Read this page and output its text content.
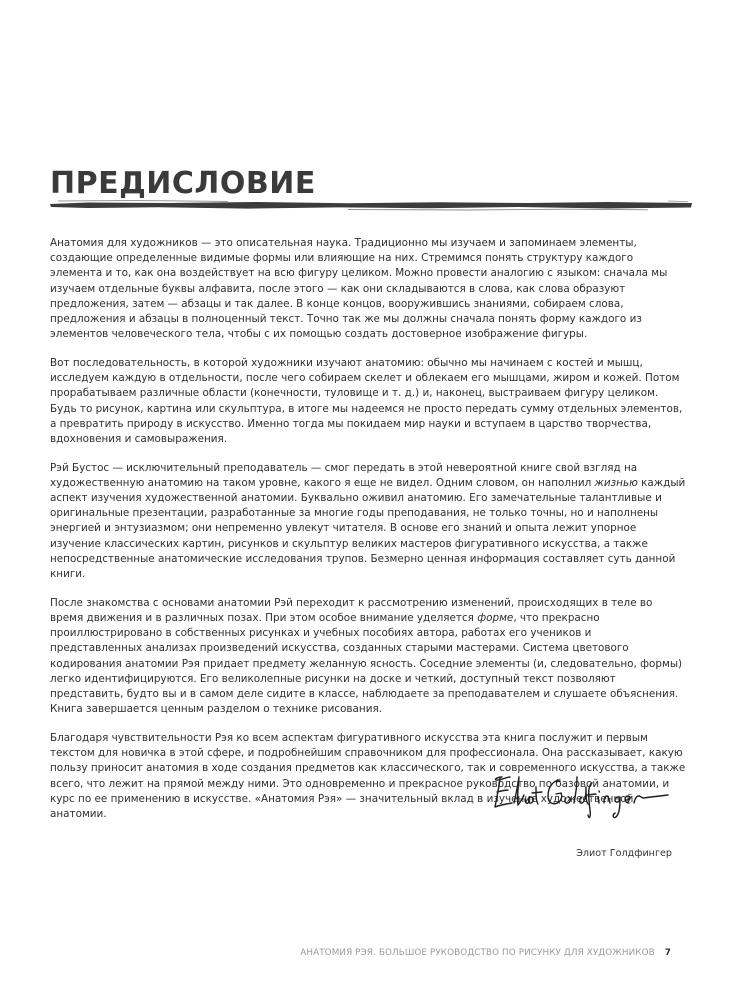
ПРЕДИСЛОВИЕ

Анатомия для художников — это описательная наука. Традиционно мы изучаем и запоминаем элементы, создающие определенные видимые формы или влияющие на них. Стремимся понять структуру каждого элемента и то, как она воздействует на всю фигуру целиком. Можно провести аналогию с языком: сначала мы изучаем отдельные буквы алфавита, после этого — как они складываются в слова, как слова образуют предложения, затем — абзацы и так далее. В конце концов, вооружившись знаниями, собираем слова, предложения и абзацы в полноценный текст. Точно так же мы должны сначала понять форму каждого из элементов человеческого тела, чтобы с их помощью создать достоверное изображение фигуры.

Вот последовательность, в которой художники изучают анатомию: обычно мы начинаем с костей и мышц, исследуем каждую в отдельности, после чего собираем скелет и облекаем его мышцами, жиром и кожей. Потом прорабатываем различные области (конечности, туловище и т. д.) и, наконец, выстраиваем фигуру целиком. Будь то рисунок, картина или скульптура, в итоге мы надеемся не просто передать сумму отдельных элементов, а превратить природу в искусство. Именно тогда мы покидаем мир науки и вступаем в царство творчества, вдохновения и самовыражения.

Рэй Бустос — исключительный преподаватель — смог передать в этой невероятной книге свой взгляд на художественную анатомию на таком уровне, какого я еще не видел. Одним словом, он наполнил жизнью каждый аспект изучения художественной анатомии. Буквально оживил анатомию. Его замечательные талантливые и оригинальные презентации, разработанные за многие годы преподавания, не только точны, но и наполнены энергией и энтузиазмом; они непременно увлекут читателя. В основе его знаний и опыта лежит упорное изучение классических картин, рисунков и скульптур великих мастеров фигуративного искусства, а также непосредственные анатомические исследования трупов. Безмерно ценная информация составляет суть данной книги.

После знакомства с основами анатомии Рэй переходит к рассмотрению изменений, происходящих в теле во время движения и в различных позах. При этом особое внимание уделяется форме, что прекрасно проиллюстрировано в собственных рисунках и учебных пособиях автора, работах его учеников и представленных анализах произведений искусства, созданных старыми мастерами. Система цветового кодирования анатомии Рэя придает предмету желанную ясность. Соседние элементы (и, следовательно, формы) легко идентифицируются. Его великолепные рисунки на доске и четкий, доступный текст позволяют представить, будто вы и в самом деле сидите в классе, наблюдаете за преподавателем и слушаете объяснения. Книга завершается ценным разделом о технике рисования.

Благодаря чувствительности Рэя ко всем аспектам фигуративного искусства эта книга послужит и первым текстом для новичка в этой сфере, и подробнейшим справочником для профессионала. Она рассказывает, какую пользу приносит анатомия в ходе создания предметов как классического, так и современного искусства, а также всего, что лежит на прямой между ними. Это одновременно и прекрасное руководство по базовой анатомии, и курс по ее применению в искусстве. «Анатомия Рэя» — значительный вклад в изучение художественной анатомии.

Элиот Голдфингер
АНАТОМИЯ РЭЯ. БОЛЬШОЕ РУКОВОДСТВО ПО РИСУНКУ ДЛЯ ХУДОЖНИКОВ 7
